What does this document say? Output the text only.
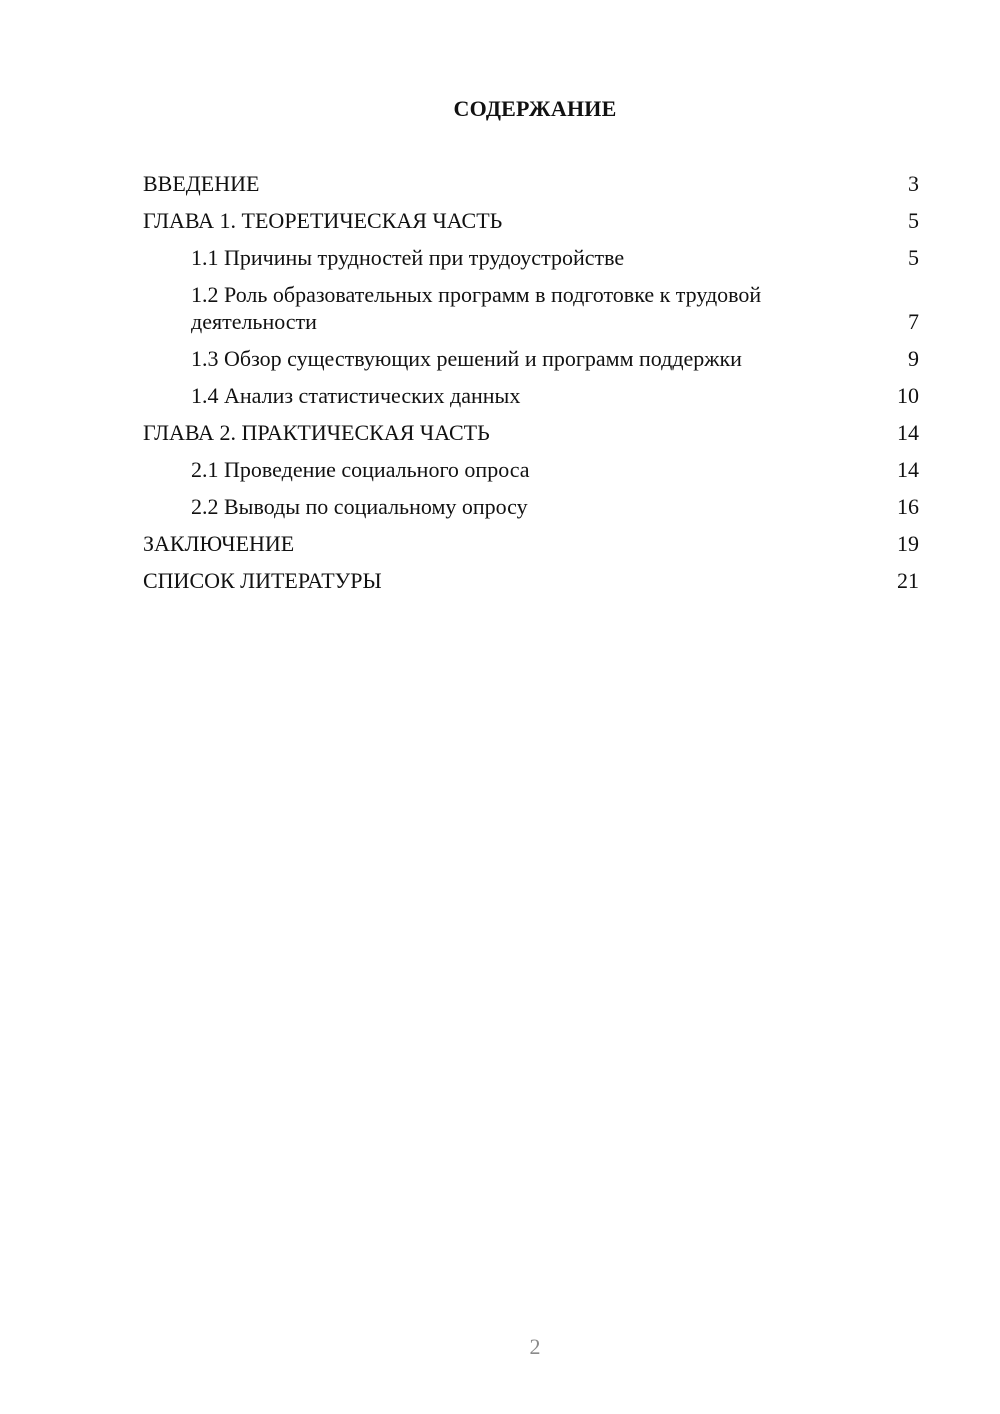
СОДЕРЖАНИЕ
ВВЕДЕНИЕ	3
ГЛАВА 1. ТЕОРЕТИЧЕСКАЯ ЧАСТЬ	5
1.1 Причины трудностей при трудоустройстве	5
1.2 Роль образовательных программ в подготовке к трудовой деятельности	7
1.3 Обзор существующих решений и программ поддержки	9
1.4 Анализ статистических данных	10
ГЛАВА 2. ПРАКТИЧЕСКАЯ ЧАСТЬ	14
2.1 Проведение социального опроса	14
2.2 Выводы по социальному опросу	16
ЗАКЛЮЧЕНИЕ	19
СПИСОК ЛИТЕРАТУРЫ	21
2
